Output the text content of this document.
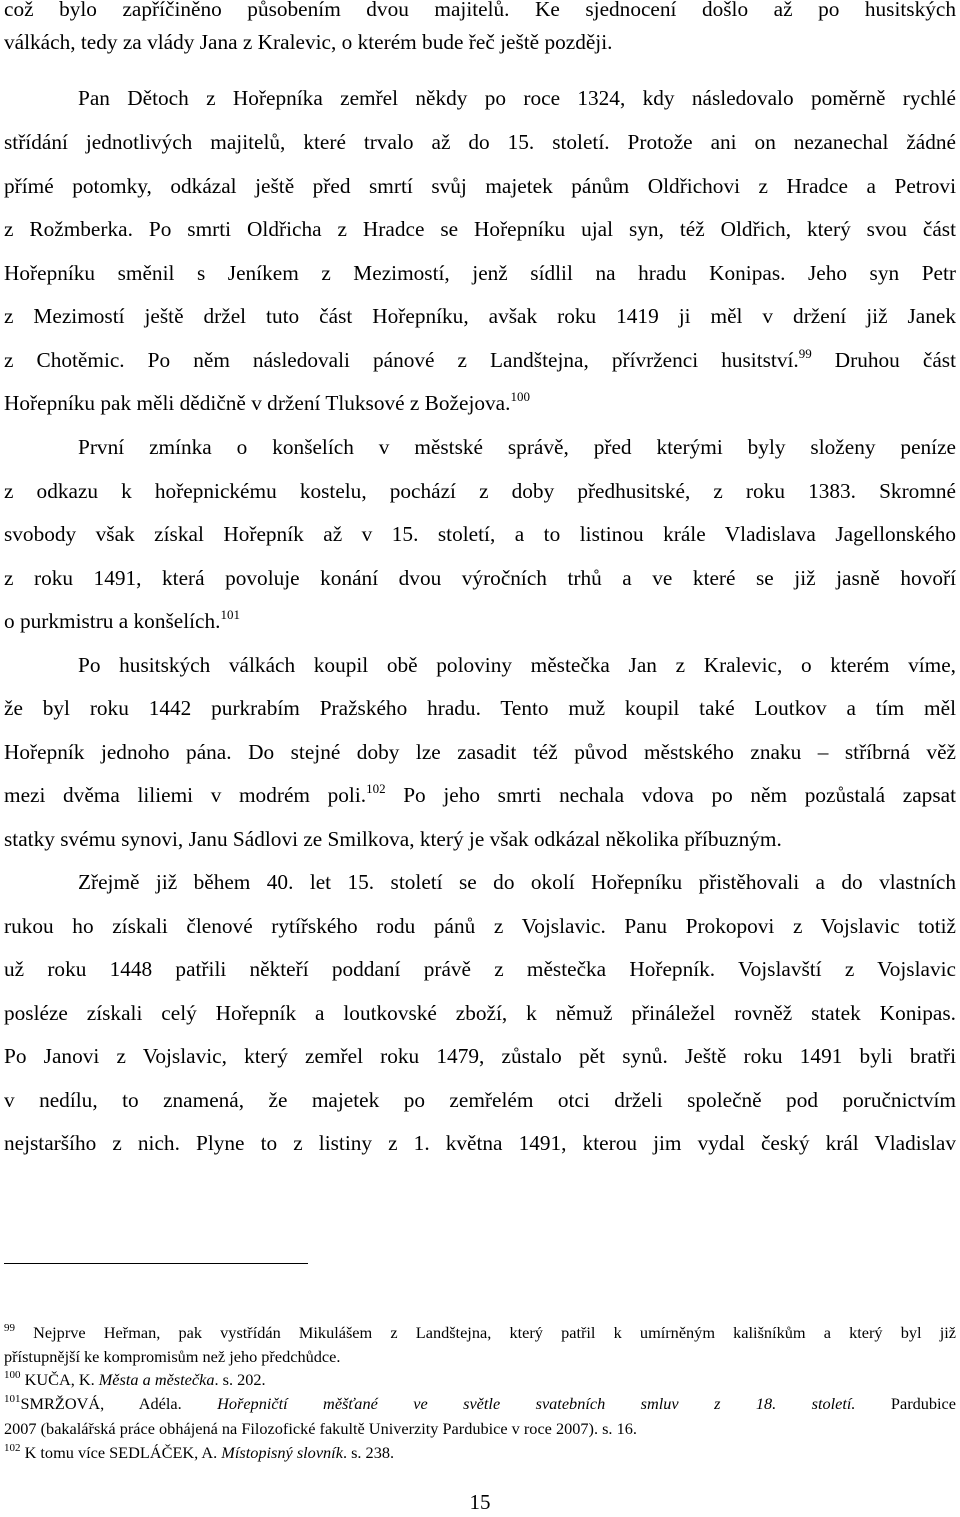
což bylo zapříčiněno působením dvou majitelů. Ke sjednocení došlo až po husitských
válkách, tedy za vlády Jana z Kralevic, o kterém bude řeč ještě později.
Pan Dětoch z Hořepníka zemřel někdy po roce 1324, kdy následovalo poměrně rychlé
střídání jednotlivých majitelů, které trvalo až do 15. století. Protože ani on nezanechal žádné
přímé potomky, odkázal ještě před smrtí svůj majetek pánům Oldřichovi z Hradce a Petrovi
z Rožmberka. Po smrti Oldřicha z Hradce se Hořepníku ujal syn, též Oldřich, který svou část
Hořepníku směnil s Jeníkem z Mezimostí, jenž sídlil na hradu Konipas. Jeho syn Petr
z Mezimostí ještě držel tuto část Hořepníku, avšak roku 1419 ji měl v držení již Janek
z Chotěmic. Po něm následovali pánové z Landštejna, přívrženci husitství.$^{99}$ Druhou část
Hořepníku pak měli dědičně v držení Tluksové z Božejova.$^{100}$
První zmínka o konšelích v městské správě, před kterými byly složeny peníze
z odkazu k hořepnickému kostelu, pochází z doby předhusitské, z roku 1383. Skromné
svobody však získal Hořepník až v 15. století, a to listinou krále Vladislava Jagellonského
z roku 1491, která povoluje konání dvou výročních trhů a ve které se již jasně hovoří
o purkmistru a konšelích.$^{101}$
Po husitských válkách koupil obě poloviny městečka Jan z Kralevic, o kterém víme,
že byl roku 1442 purkrabím Pražského hradu. Tento muž koupil také Loutkov a tím měl
Hořepník jednoho pána. Do stejné doby lze zasadit též původ městského znaku – stříbrná věž
mezi dvěma liliemi v modrém poli.$^{102}$ Po jeho smrti nechala vdova po něm pozůstalá zapsat
statky svému synovi, Janu Sádlovi ze Smilkova, který je však odkázal několika příbuzným.
Zřejmě již během 40. let 15. století se do okolí Hořepníku přistěhovali a do vlastních
rukou ho získali členové rytířského rodu pánů z Vojslavic. Panu Prokopovi z Vojslavic totiž
už roku 1448 patřili někteří poddaní právě z městečka Hořepník. Vojslavští z Vojslavic
posléze získali celý Hořepník a loutkovské zboží, k němuž přináležel rovněž statek Konipas.
Po Janovi z Vojslavic, který zemřel roku 1479, zůstalo pět synů. Ještě roku 1491 byli bratři
v nedílu, to znamená, že majetek po zemřelém otci drželi společně pod poručnictvím
nejstaršího z nich. Plyne to z listiny z 1. května 1491, kterou jim vydal český král Vladislav
$^{99}$ Nejprve Heřman, pak vystřídán Mikulášem z Landštejna, který patřil k umírněným kališníkům a který byl již
přístupnější ke kompromisům než jeho předchůdce.
$^{100}$ KUČA, K. Města a městečka. s. 202.
$^{101}$SMRŽOVÁ, Adéla. Hořepničtí měšťané ve světle svatebních smluv z 18. století. Pardubice
2007 (bakalářská práce obhájená na Filozofické fakultě Univerzity Pardubice v roce 2007). s. 16.
$^{102}$ K tomu více SEDLÁČEK, A. Místopisný slovník. s. 238.
15
